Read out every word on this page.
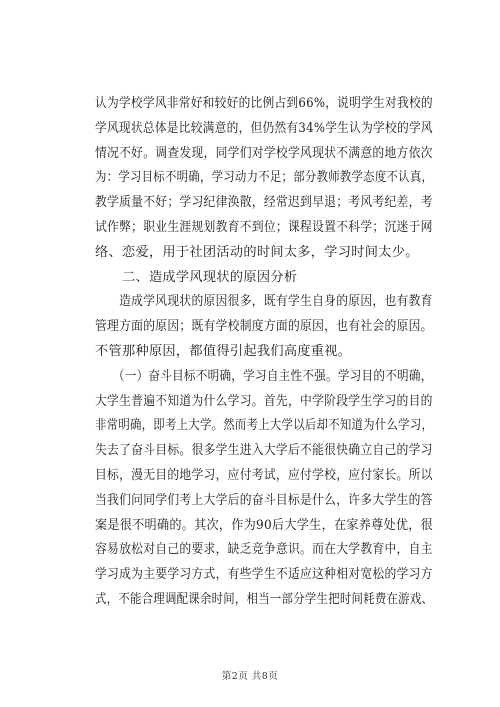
认为学校学风非常好和较好的比例占到66%，说明学生对我校的
学风现状总体是比较满意的，但仍然有34%学生认为学校的学风
情况不好。调查发现，同学们对学校学风现状不满意的地方依次
为：学习目标不明确，学习动力不足；部分教师教学态度不认真，
教学质量不好；学习纪律涣散，经常迟到早退；考风考纪差，考
试作弊；职业生涯规划教育不到位；课程设置不科学；沉迷于网
络、恋爱，用于社团活动的时间太多，学习时间太少。
　　二、造成学风现状的原因分析
　　造成学风现状的原因很多，既有学生自身的原因，也有教育
管理方面的原因；既有学校制度方面的原因，也有社会的原因。
不管那种原因，都值得引起我们高度重视。
　　（一）奋斗目标不明确，学习自主性不强。学习目的不明确，
大学生普遍不知道为什么学习。首先，中学阶段学生学习的目的
非常明确，即考上大学。然而考上大学以后却不知道为什么学习，
失去了奋斗目标。很多学生进入大学后不能很快确立自己的学习
目标，漫无目的地学习，应付考试，应付学校，应付家长。所以
当我们问同学们考上大学后的奋斗目标是什么，许多大学生的答
案是很不明确的。其次，作为90后大学生，在家养尊处优，很
容易放松对自己的要求，缺乏竞争意识。而在大学教育中，自主
学习成为主要学习方式，有些学生不适应这种相对宽松的学习方
式，不能合理调配课余时间，相当一部分学生把时间耗费在游戏、

第2页 共8页
